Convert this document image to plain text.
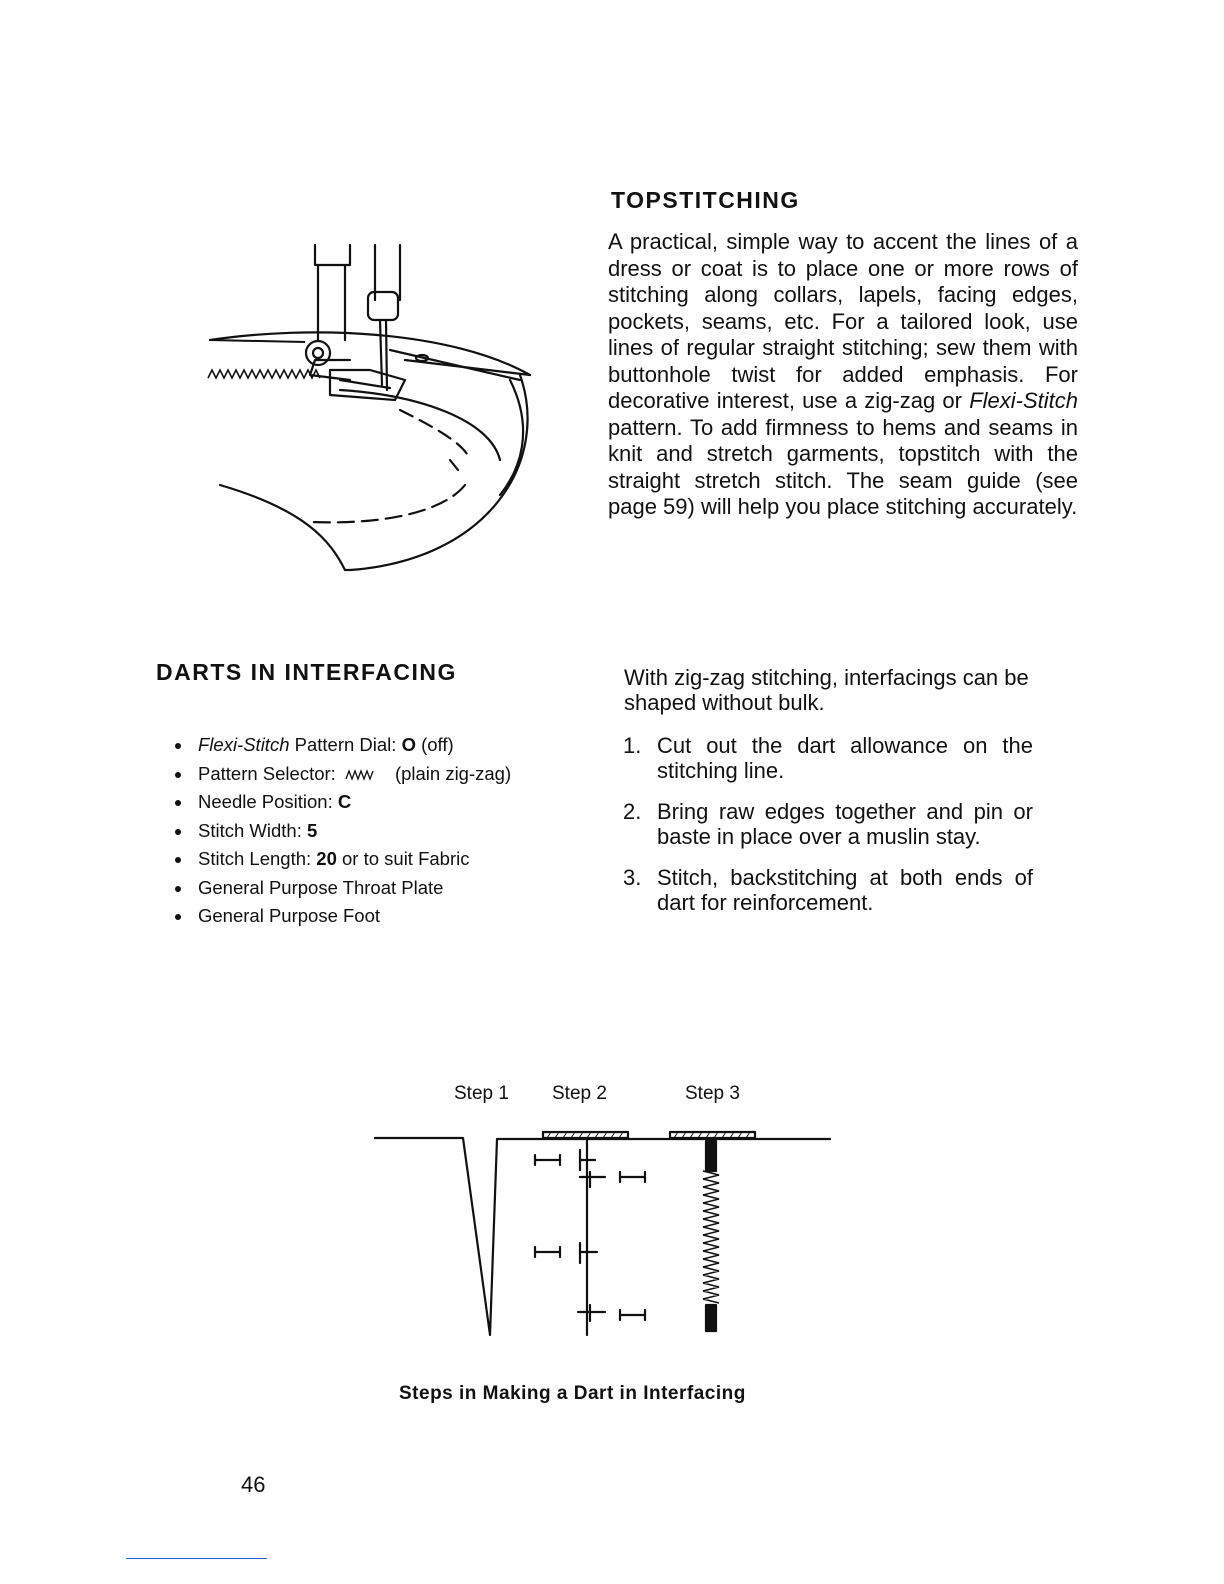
TOPSTITCHING

A practical, simple way to accent the lines of a dress or coat is to place one or more rows of stitching along collars, lapels, facing edges, pockets, seams, etc. For a tailored look, use lines of regular straight stitching; sew them with buttonhole twist for added emphasis. For decorative interest, use a zig-zag or Flexi-Stitch pattern. To add firmness to hems and seams in knit and stretch garments, topstitch with the straight stretch stitch. The seam guide (see page 59) will help you place stitching accurately.

DARTS IN INTERFACING
Flexi-Stitch Pattern Dial: O (off)
Pattern Selector:	(plain zig-zag)
Needle Position: C
Stitch Width: 5
Stitch Length: 20 or to suit Fabric
General Purpose Throat Plate
General Purpose Foot

With zig-zag stitching, interfacings can be shaped without bulk.

1. Cut out the dart allowance on the stitching line.
2. Bring raw edges together and pin or baste in place over a muslin stay.
3. Stitch, backstitching at both ends of dart for reinforcement.
Step 1 Step 2	Step 3
Steps in Making a Dart in Interfacing
46
